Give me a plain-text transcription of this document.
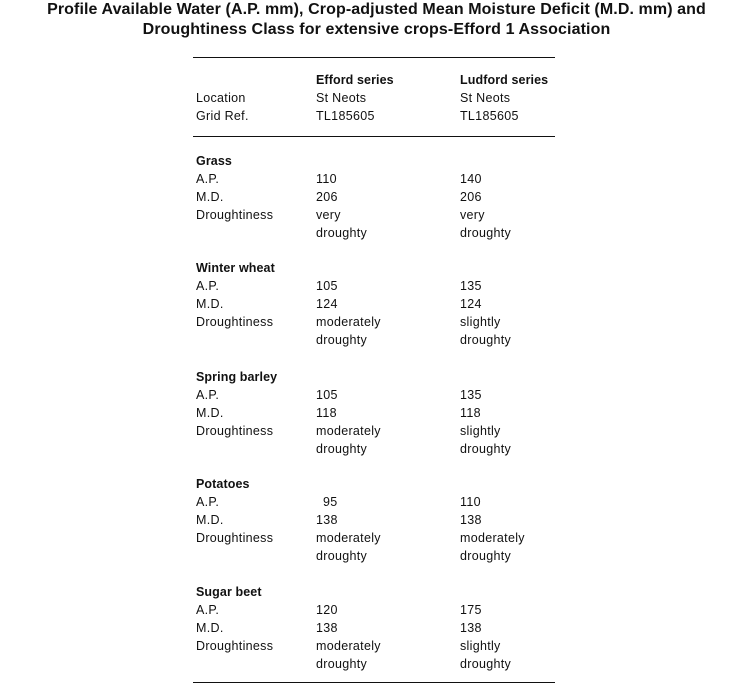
Profile Available Water (A.P. mm), Crop-adjusted Mean Moisture Deficit (M.D. mm) and
Droughtiness Class for extensive crops-Efford 1 Association
Location
Grid Ref.
Efford series
St Neots
TL185605
Ludford series
St Neots
TL185605
Grass
A.P.
M.D.
Droughtiness
110
206
very
droughty
140
206
very
droughty
Winter wheat
A.P.
M.D.
Droughtiness
105
124
moderately
droughty
135
124
slightly
droughty
Spring barley
A.P.
M.D.
Droughtiness
105
118
moderately
droughty
135
118
slightly
droughty
Potatoes
A.P.
M.D.
Droughtiness
95
138
moderately
droughty
110
138
moderately
droughty
Sugar beet
A.P.
M.D.
Droughtiness
120
138
moderately
droughty
175
138
slightly
droughty
